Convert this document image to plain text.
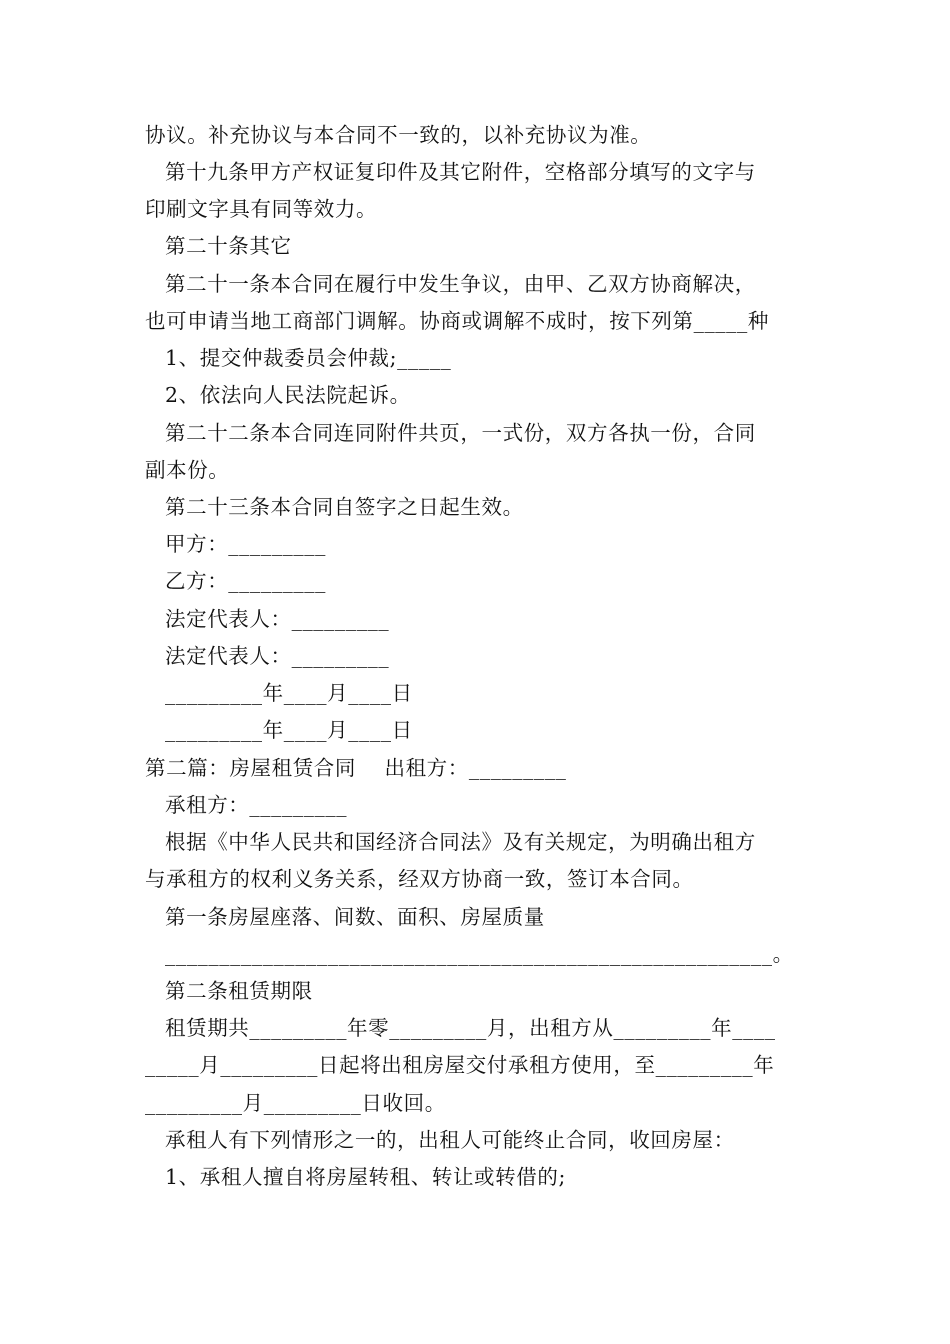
协议。补充协议与本合同不一致的，以补充协议为准。
第十九条甲方产权证复印件及其它附件，空格部分填写的文字与
印刷文字具有同等效力。
第二十条其它
第二十一条本合同在履行中发生争议，由甲、乙双方协商解决，
也可申请当地工商部门调解。协商或调解不成时，按下列第_____种
1、提交仲裁委员会仲裁;_____
2、依法向人民法院起诉。
第二十二条本合同连同附件共页，一式份，双方各执一份，合同
副本份。
第二十三条本合同自签字之日起生效。
甲方：_________
乙方：_________
法定代表人：_________
法定代表人：_________
_________年____月____日
_________年____月____日
第二篇：房屋租赁合同    出租方：_________
承租方：_________
根据《中华人民共和国经济合同法》及有关规定，为明确出租方
与承租方的权利义务关系，经双方协商一致，签订本合同。
第一条房屋座落、间数、面积、房屋质量
________________________________________________________。
第二条租赁期限
租赁期共_________年零_________月，出租方从_________年____
_____月_________日起将出租房屋交付承租方使用，至_________年
_________月_________日收回。
承租人有下列情形之一的，出租人可能终止合同，收回房屋：
1、承租人擅自将房屋转租、转让或转借的;
